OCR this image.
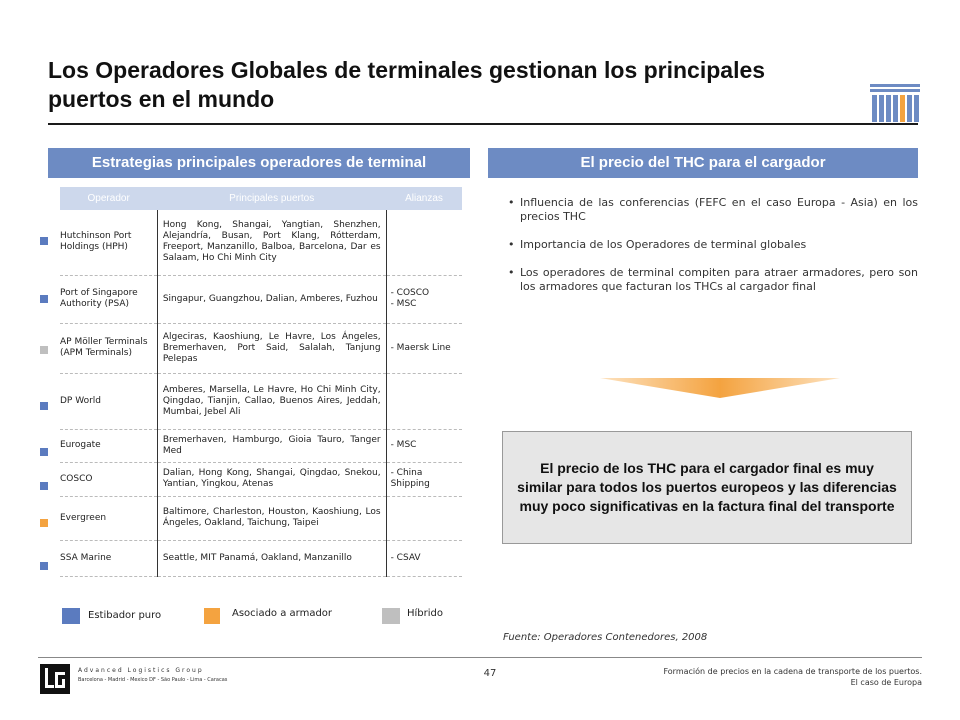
Los Operadores Globales de terminales gestionan los principales puertos en el mundo
Estrategias principales operadores de terminal	El precio del THC para el cargador
Operador	Principales puertos	Alianzas
Hutchinson Port Holdings (HPH)	Hong Kong, Shangai, Yangtian, Shenzhen, Alejandría, Busan, Port Klang, Rótterdam, Freeport, Manzanillo, Balboa, Barcelona, Dar es Salaam, Ho Chi Minh City	
Port of Singapore Authority (PSA)	Singapur, Guangzhou, Dalian, Amberes, Fuzhou	- COSCO
- MSC
AP Möller Terminals (APM Terminals)	Algeciras, Kaoshiung, Le Havre, Los Ángeles, Bremerhaven, Port Said, Salalah, Tanjung Pelepas	- Maersk Line
DP World	Amberes, Marsella, Le Havre, Ho Chi Minh City, Qingdao, Tianjin, Callao, Buenos Aires, Jeddah, Mumbai, Jebel Ali	
Eurogate	Bremerhaven, Hamburgo, Gioia Tauro, Tanger Med	- MSC
COSCO	Dalian, Hong Kong, Shangai, Qingdao, Snekou, Yantian, Yingkou, Atenas	- China Shipping
Evergreen	Baltimore, Charleston, Houston, Kaoshiung, Los Ángeles, Oakland, Taichung, Taipei	
SSA Marine	Seattle, MIT Panamá, Oakland, Manzanillo	- CSAV
Estibador puro	Asociado a armador	Híbrido
• Influencia de las conferencias (FEFC en el caso Europa - Asia) en los precios THC
• Importancia de los Operadores de terminal globales
• Los operadores de terminal compiten para atraer armadores, pero son los armadores que facturan los THCs al cargador final
El precio de los THC para el cargador final es muy similar para todos los puertos europeos y las diferencias muy poco significativas en la factura final del transporte
Fuente: Operadores Contenedores, 2008
Advanced Logistics Group
Barcelona - Madrid - Mexico DF - São Paulo - Lima - Caracas
47	Formación de precios en la cadena de transporte de los puertos.
El caso de Europa
